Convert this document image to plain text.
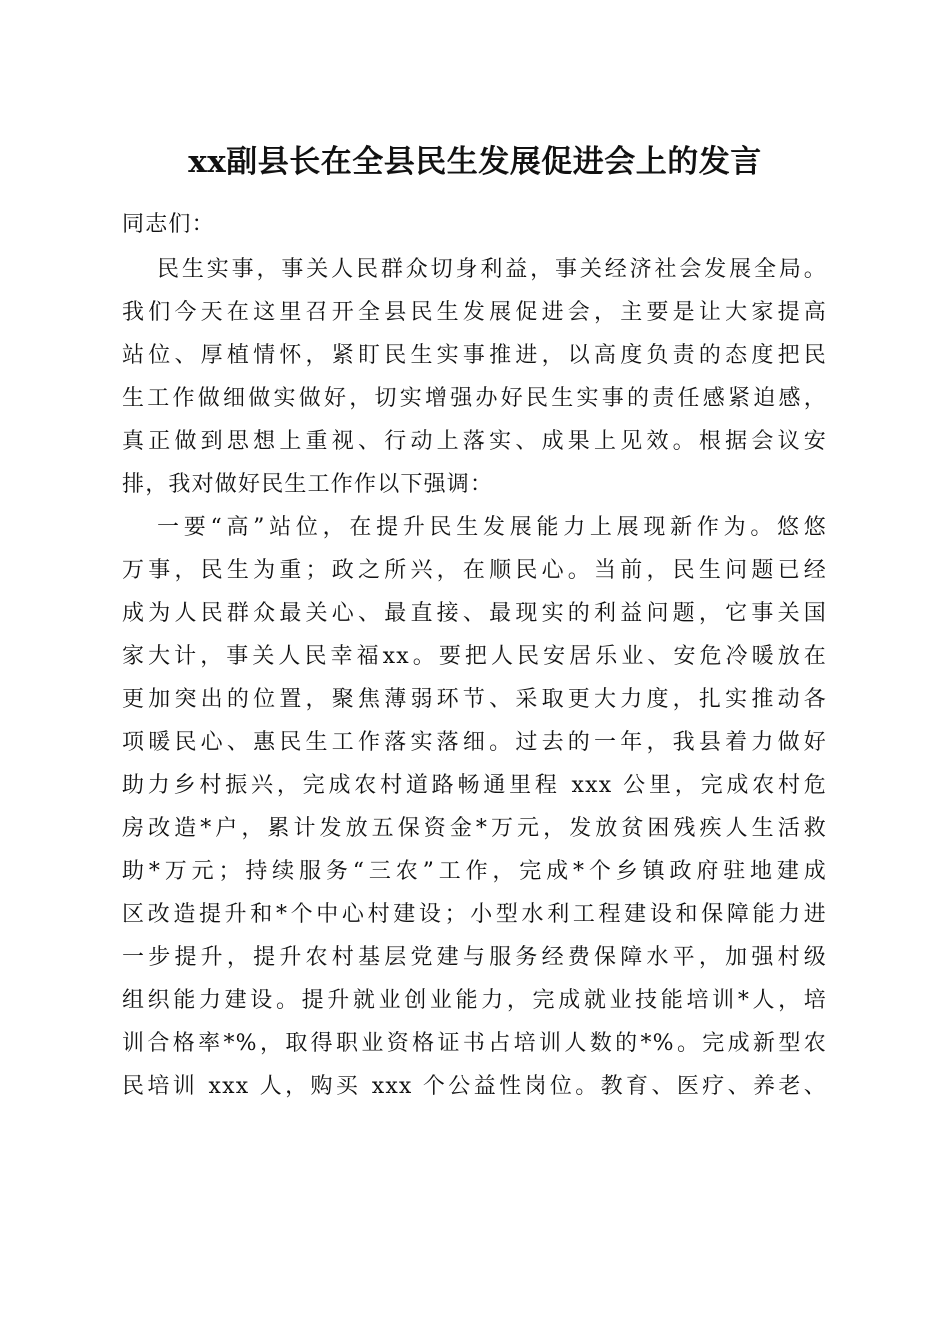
xx副县长在全县民生发展促进会上的发言
同志们：
民生实事，事关人民群众切身利益，事关经济社会发展全局。
我们今天在这里召开全县民生发展促进会，主要是让大家提高
站位、厚植情怀，紧盯民生实事推进，以高度负责的态度把民
生工作做细做实做好，切实增强办好民生实事的责任感紧迫感，
真正做到思想上重视、行动上落实、成果上见效。根据会议安
排，我对做好民生工作作以下强调：
一要“高”站位，在提升民生发展能力上展现新作为。悠悠
万事，民生为重；政之所兴，在顺民心。当前，民生问题已经
成为人民群众最关心、最直接、最现实的利益问题，它事关国
家大计，事关人民幸福xx。要把人民安居乐业、安危冷暖放在
更加突出的位置，聚焦薄弱环节、采取更大力度，扎实推动各
项暖民心、惠民生工作落实落细。过去的一年，我县着力做好
助力乡村振兴，完成农村道路畅通里程 xxx 公里，完成农村危
房改造*户，累计发放五保资金*万元，发放贫困残疾人生活救
助*万元；持续服务“三农”工作，完成*个乡镇政府驻地建成
区改造提升和*个中心村建设；小型水利工程建设和保障能力进
一步提升，提升农村基层党建与服务经费保障水平，加强村级
组织能力建设。提升就业创业能力，完成就业技能培训*人，培
训合格率*%，取得职业资格证书占培训人数的*%。完成新型农
民培训 xxx 人，购买 xxx 个公益性岗位。教育、医疗、养老、
